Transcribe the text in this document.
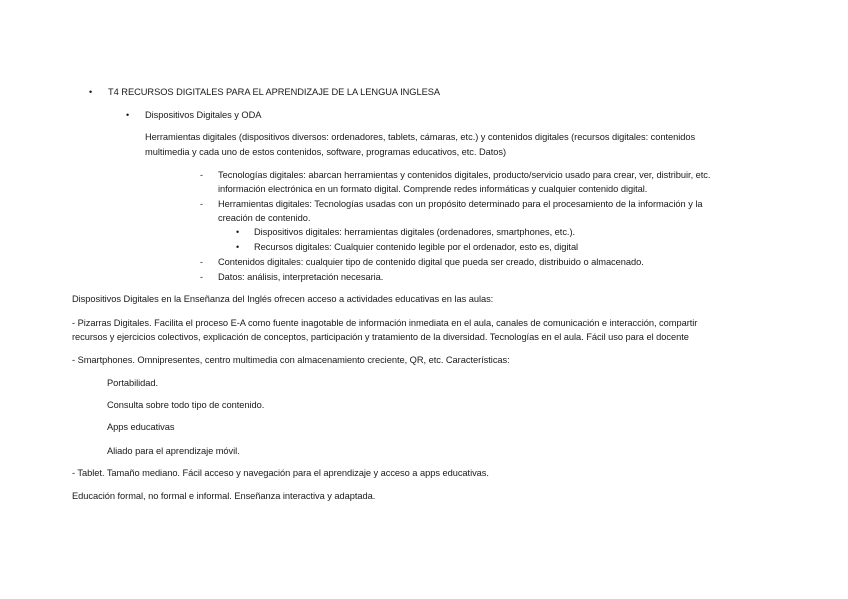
• T4 RECURSOS DIGITALES PARA EL APRENDIZAJE DE LA LENGUA INGLESA
• Dispositivos Digitales y ODA
Herramientas digitales (dispositivos diversos: ordenadores, tablets, cámaras, etc.) y contenidos digitales (recursos digitales: contenidos
multimedia y cada uno de estos contenidos, software, programas educativos, etc. Datos)
- Tecnologías digitales: abarcan herramientas y contenidos digitales, producto/servicio usado para crear, ver, distribuir, etc.
información electrónica en un formato digital. Comprende redes informáticas y cualquier contenido digital.
- Herramientas digitales: Tecnologías usadas con un propósito determinado para el procesamiento de la información y la
creación de contenido.
• Dispositivos digitales: herramientas digitales (ordenadores, smartphones, etc.).
• Recursos digitales: Cualquier contenido legible por el ordenador, esto es, digital
- Contenidos digitales: cualquier tipo de contenido digital que pueda ser creado, distribuido o almacenado.
- Datos: análisis, interpretación necesaria.
Dispositivos Digitales en la Enseñanza del Inglés ofrecen acceso a actividades educativas en las aulas:
- Pizarras Digitales. Facilita el proceso E-A como fuente inagotable de información inmediata en el aula, canales de comunicación e interacción, compartir
recursos y ejercicios colectivos, explicación de conceptos, participación y tratamiento de la diversidad. Tecnologías en el aula. Fácil uso para el docente
- Smartphones. Omnipresentes, centro multimedia con almacenamiento creciente, QR, etc. Características:
Portabilidad.
Consulta sobre todo tipo de contenido.
Apps educativas
Aliado para el aprendizaje móvil.
- Tablet. Tamaño mediano. Fácil acceso y navegación para el aprendizaje y acceso a apps educativas.
Educación formal, no formal e informal. Enseñanza interactiva y adaptada.
